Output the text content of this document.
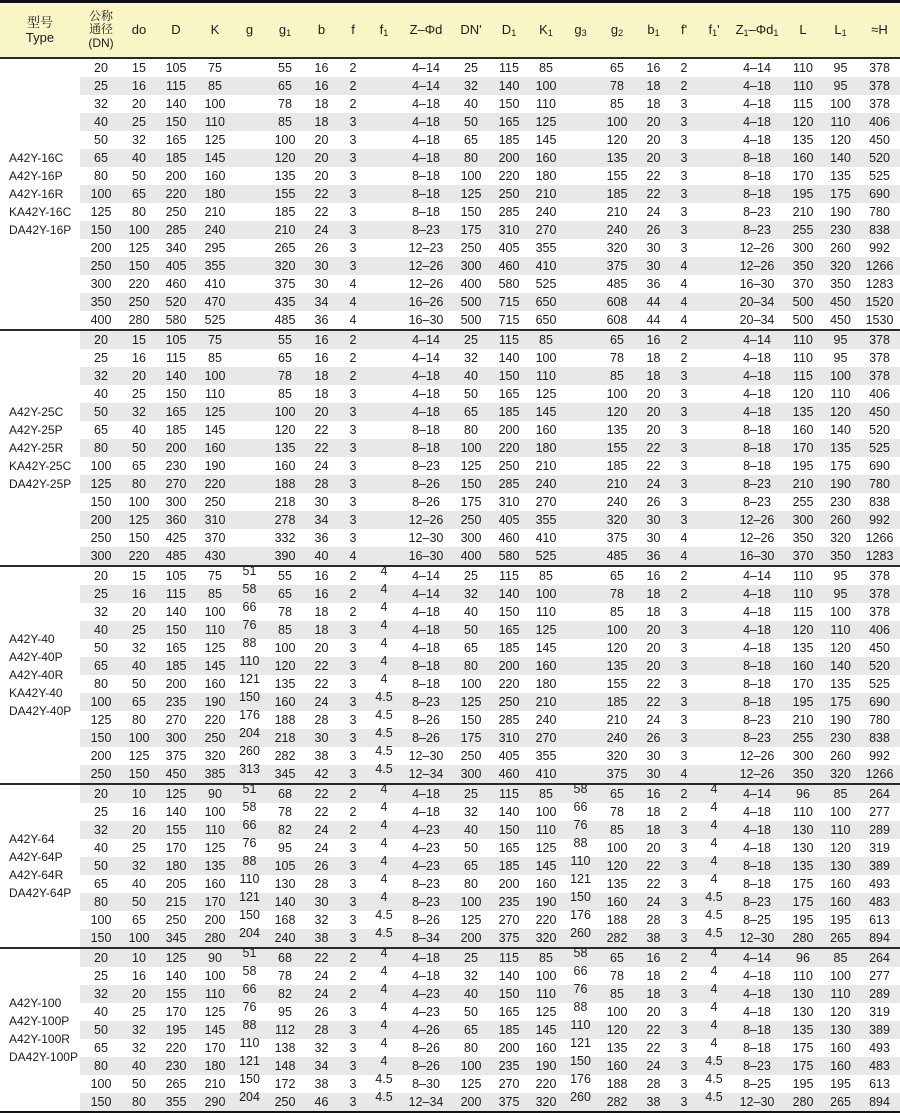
型号
Type

公称
通径
(DN)
	do	D	K	g	$g_1$	b	f	$f_1$	Z–Φd	DN'	$D_1$	$K_1$	$g_3$	$g_2$	$b_1$	f'	$f_1'$	$Z_1-\Phi d_1$	L	$L_1$	≈H

A42Y-16C
A42Y-16P
A42Y-16R
KA42Y-16C
DA42Y-16P	20	15	105	75		55	16	2		4–14	25	115	85		65	16	2		4–14	110	95	378
	25	16	115	85		65	16	2		4–14	32	140	100		78	18	2		4–18	110	95	378
	32	20	140	100		78	18	2		4–18	40	150	110		85	18	3		4–18	115	100	378
	40	25	150	110		85	18	3		4–18	50	165	125		100	20	3		4–18	120	110	406
	50	32	165	125		100	20	3		4–18	65	185	145		120	20	3		4–18	135	120	450
	65	40	185	145		120	20	3		4–18	80	200	160		135	20	3		8–18	160	140	520
	80	50	200	160		135	20	3		8–18	100	220	180		155	22	3		8–18	170	135	525
	100	65	220	180		155	22	3		8–18	125	250	210		185	22	3		8–18	195	175	690
	125	80	250	210		185	22	3		8–18	150	285	240		210	24	3		8–23	210	190	780
	150	100	285	240		210	24	3		8–23	175	310	270		240	26	3		8–23	255	230	838
	200	125	340	295		265	26	3		12–23	250	405	355		320	30	3		12–26	300	260	992
	250	150	405	355		320	30	3		12–26	300	460	410		375	30	4		12–26	350	320	1266
	300	220	460	410		375	30	4		12–26	400	580	525		485	36	4		16–30	370	350	1283
	350	250	520	470		435	34	4		16–26	500	715	650		608	44	4		20–34	500	450	1520
	400	280	580	525		485	36	4		16–30	500	715	650		608	44	4		20–34	500	450	1530

A42Y-25C
A42Y-25P
A42Y-25R
KA42Y-25C
DA42Y-25P	20	15	105	75		55	16	2		4–14	25	115	85		65	16	2		4–14	110	95	378
	25	16	115	85		65	16	2		4–14	32	140	100		78	18	2		4–18	110	95	378
	32	20	140	100		78	18	2		4–18	40	150	110		85	18	3		4–18	115	100	378
	40	25	150	110		85	18	3		4–18	50	165	125		100	20	3		4–18	120	110	406
	50	32	165	125		100	20	3		4–18	65	185	145		120	20	3		4–18	135	120	450
	65	40	185	145		120	22	3		8–18	80	200	160		135	20	3		8–18	160	140	520
	80	50	200	160		135	22	3		8–18	100	220	180		155	22	3		8–18	170	135	525
	100	65	230	190		160	24	3		8–23	125	250	210		185	22	3		8–18	195	175	690
	125	80	270	220		188	28	3		8–26	150	285	240		210	24	3		8–23	210	190	780
	150	100	300	250		218	30	3		8–26	175	310	270		240	26	3		8–23	255	230	838
	200	125	360	310		278	34	3		12–26	250	405	355		320	30	3		12–26	300	260	992
	250	150	425	370		332	36	3		12–30	300	460	410		375	30	4		12–26	350	320	1266
	300	220	485	430		390	40	4		16–30	400	580	525		485	36	4		16–30	370	350	1283

A42Y-40
A42Y-40P
A42Y-40R
KA42Y-40
DA42Y-40P	20	15	105	75	51	55	16	2	4	4–14	25	115	85		65	16	2		4–14	110	95	378
	25	16	115	85	58	65	16	2	4	4–14	32	140	100		78	18	2		4–18	110	95	378
	32	20	140	100	66	78	18	2	4	4–18	40	150	110		85	18	3		4–18	115	100	378
	40	25	150	110	76	85	18	3	4	4–18	50	165	125		100	20	3		4–18	120	110	406
	50	32	165	125	88	100	20	3	4	4–18	65	185	145		120	20	3		4–18	135	120	450
	65	40	185	145	110	120	22	3	4	8–18	80	200	160		135	20	3		8–18	160	140	520
	80	50	200	160	121	135	22	3	4	8–18	100	220	180		155	22	3		8–18	170	135	525
	100	65	235	190	150	160	24	3	4.5	8–23	125	250	210		185	22	3		8–18	195	175	690
	125	80	270	220	176	188	28	3	4.5	8–26	150	285	240		210	24	3		8–23	210	190	780
	150	100	300	250	204	218	30	3	4.5	8–26	175	310	270		240	26	3		8–23	255	230	838
	200	125	375	320	260	282	38	3	4.5	12–30	250	405	355		320	30	3		12–26	300	260	992
	250	150	450	385	313	345	42	3	4.5	12–34	300	460	410		375	30	4		12–26	350	320	1266

A42Y-64
A42Y-64P
A42Y-64R
DA42Y-64P	20	10	125	90	51	68	22	2	4	4–18	25	115	85	58	65	16	2	4	4–14	96	85	264
	25	16	140	100	58	78	22	2	4	4–18	32	140	100	66	78	18	2	4	4–18	110	100	277
	32	20	155	110	66	82	24	2	4	4–23	40	150	110	76	85	18	3	4	4–18	130	110	289
	40	25	170	125	76	95	24	3	4	4–23	50	165	125	88	100	20	3	4	4–18	130	120	319
	50	32	180	135	88	105	26	3	4	4–23	65	185	145	110	120	22	3	4	8–18	135	130	389
	65	40	205	160	110	130	28	3	4	8–23	80	200	160	121	135	22	3	4	8–18	175	160	493
	80	50	215	170	121	140	30	3	4	8–23	100	235	190	150	160	24	3	4.5	8–23	175	160	483
	100	65	250	200	150	168	32	3	4.5	8–26	125	270	220	176	188	28	3	4.5	8–25	195	195	613
	150	100	345	280	204	240	38	3	4.5	8–34	200	375	320	260	282	38	3	4.5	12–30	280	265	894

A42Y-100
A42Y-100P
A42Y-100R
DA42Y-100P	20	10	125	90	51	68	22	2	4	4–18	25	115	85	58	65	16	2	4	4–14	96	85	264
	25	16	140	100	58	78	24	2	4	4–18	32	140	100	66	78	18	2	4	4–18	110	100	277
	32	20	155	110	66	82	24	2	4	4–23	40	150	110	76	85	18	3	4	4–18	130	110	289
	40	25	170	125	76	95	26	3	4	4–23	50	165	125	88	100	20	3	4	4–18	130	120	319
	50	32	195	145	88	112	28	3	4	4–26	65	185	145	110	120	22	3	4	8–18	135	130	389
	65	32	220	170	110	138	32	3	4	8–26	80	200	160	121	135	22	3	4	8–18	175	160	493
	80	40	230	180	121	148	34	3	4	8–26	100	235	190	150	160	24	3	4.5	8–23	175	160	483
	100	50	265	210	150	172	38	3	4.5	8–30	125	270	220	176	188	28	3	4.5	8–25	195	195	613
	150	80	355	290	204	250	46	3	4.5	12–34	200	375	320	260	282	38	3	4.5	12–30	280	265	894
